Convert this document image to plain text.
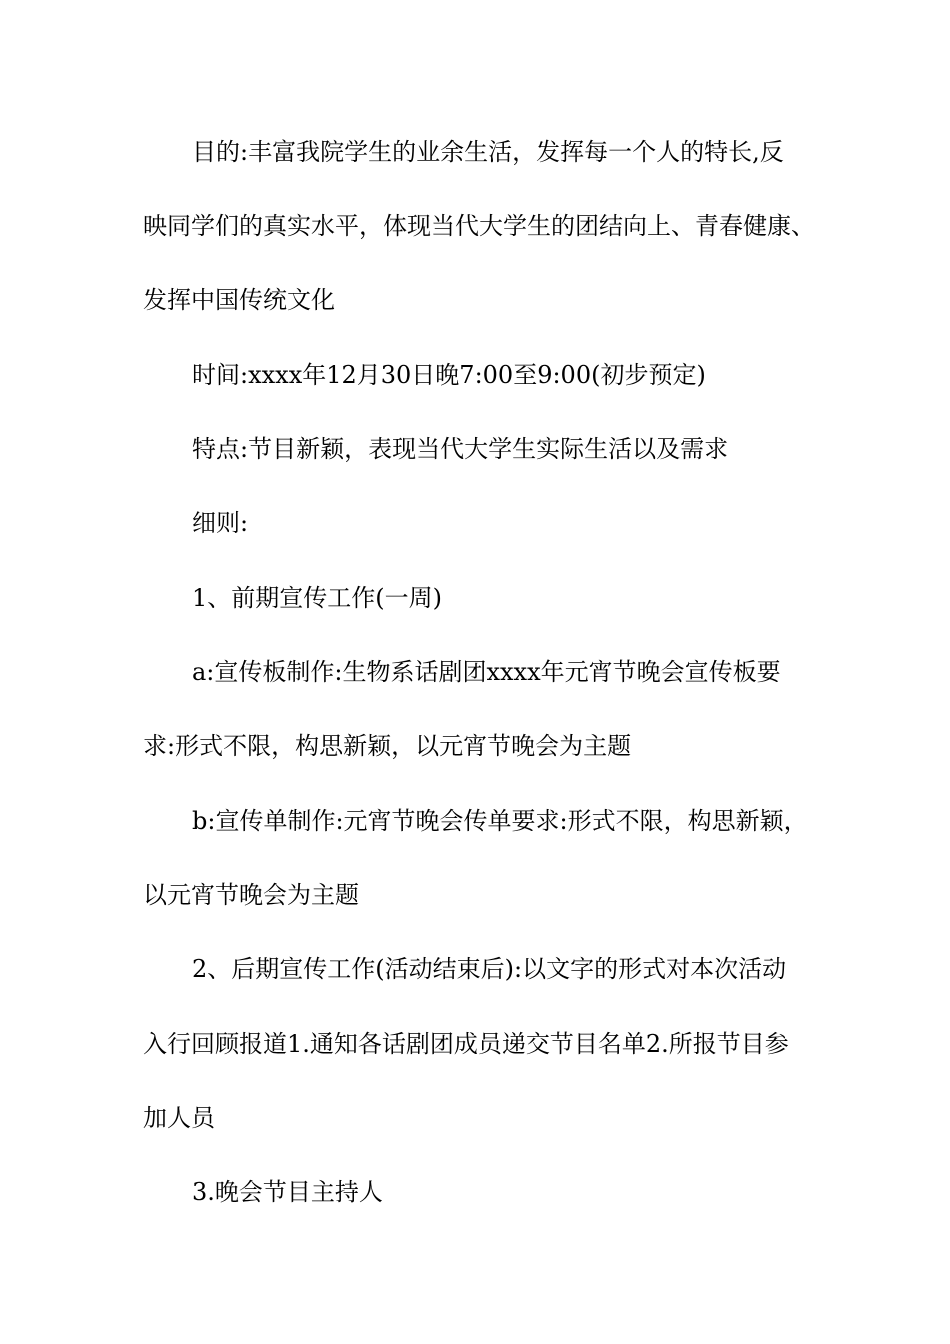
目的:丰富我院学生的业余生活，发挥每一个人的特长,反
映同学们的真实水平，体现当代大学生的团结向上、青春健康、
发挥中国传统文化
时间:xxxx年12月30日晚7:00至9:00(初步预定)
特点:节目新颖，表现当代大学生实际生活以及需求
细则:
1、前期宣传工作(一周)
a:宣传板制作:生物系话剧团xxxx年元宵节晚会宣传板要
求:形式不限，构思新颖，以元宵节晚会为主题
b:宣传单制作:元宵节晚会传单要求:形式不限，构思新颖，
以元宵节晚会为主题
2、后期宣传工作(活动结束后):以文字的形式对本次活动
入行回顾报道1.通知各话剧团成员递交节目名单2.所报节目参
加人员
3.晚会节目主持人
